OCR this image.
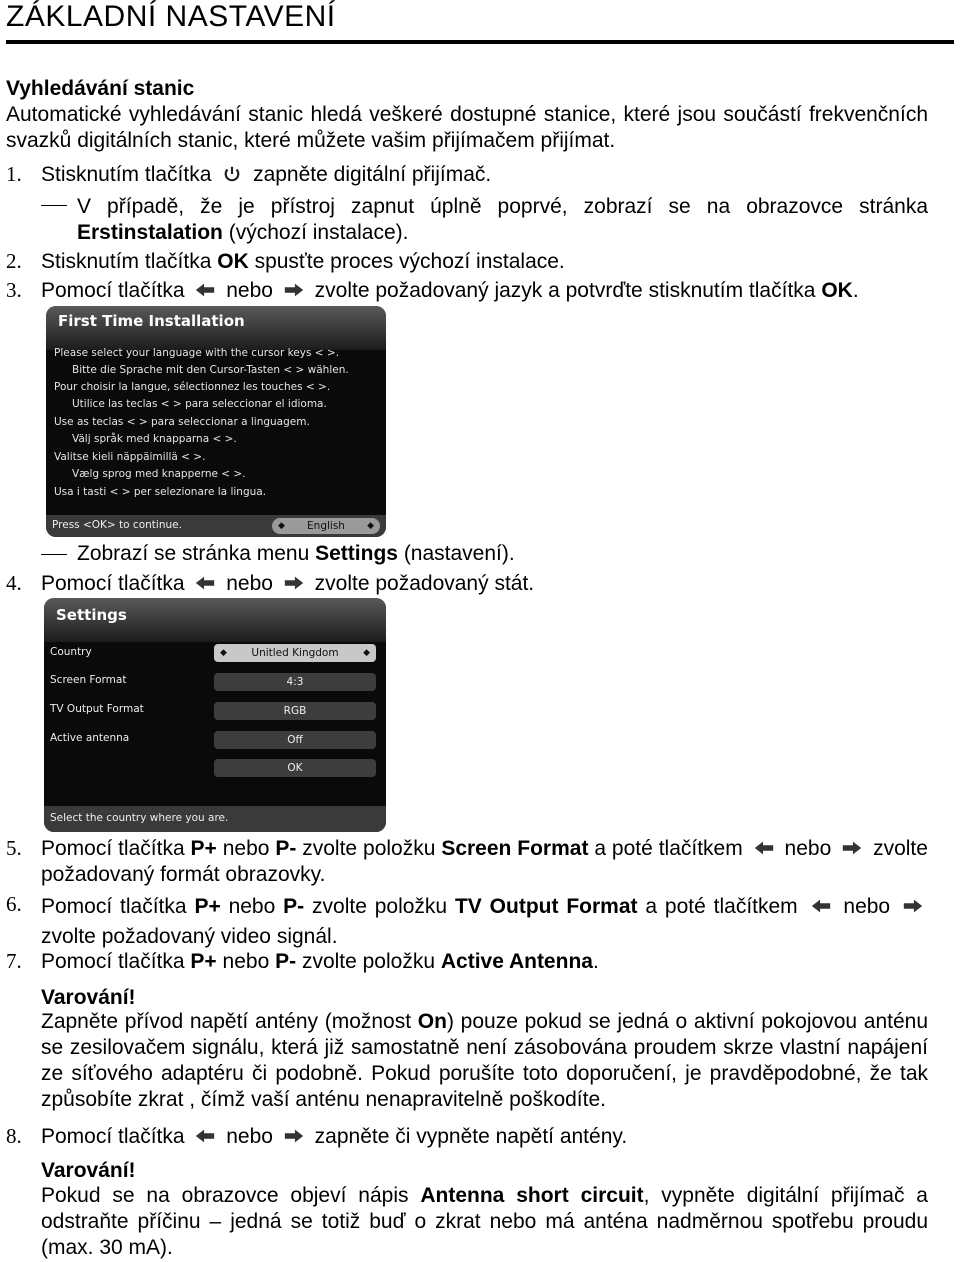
ZÁKLADNÍ NASTAVENÍ
Vyhledávání stanic
Automatické vyhledávání stanic hledá veškeré dostupné stanice, které jsou součástí frekvenčních svazků digitálních stanic, které můžete vašim přijímačem přijímat.
1. Stisknutím tlačítka zapněte digitální přijímač.
V případě, že je přístroj zapnut úplně poprvé, zobrazí se na obrazovce stránka Erstinstalation (výchozí instalace).
2. Stisknutím tlačítka OK spusťte proces výchozí instalace.
3. Pomocí tlačítka nebo zvolte požadovaný jazyk a potvrďte stisknutím tlačítka OK.
First Time Installation
Please select your language with the cursor keys < >.
Bitte die Sprache mit den Cursor-Tasten < > wählen.
Pour choisir la langue, sélectionnez les touches < >.
Utilice las teclas < > para seleccionar el idioma.
Use as teclas < > para seleccionar a linguagem.
Välj språk med knapparna < >.
Valitse kieli näppäimillä < >.
Vælg sprog med knapperne < >.
Usa i tasti < > per selezionare la lingua.
Press <OK> to continue.	◆ English ◆
Zobrazí se stránka menu Settings (nastavení).
4. Pomocí tlačítka nebo zvolte požadovaný stát.
Settings
Country	◆ Unitled Kingdom	◆
Screen Format	4:3
TV Output Format	RGB
Active antenna	Off
OK
Select the country where you are.
5. Pomocí tlačítka P+ nebo P- zvolte položku Screen Format a poté tlačítkem nebo zvolte požadovaný formát obrazovky.
6. Pomocí tlačítka P+ nebo P- zvolte položku TV Output Format a poté tlačítkem nebo  zvolte požadovaný video signál.
7. Pomocí tlačítka P+ nebo P- zvolte položku Active Antenna.
Varování!
Zapněte přívod napětí antény (možnost On) pouze pokud se jedná o aktivní pokojovou anténu se zesilovačem signálu, která již samostatně není zásobována proudem skrze vlastní napájení ze síťového adaptéru či podobně. Pokud porušíte toto doporučení, je pravděpodobné, že tak způsobíte zkrat , čímž vaší anténu nenapravitelně poškodíte.
8. Pomocí tlačítka nebo zapněte či vypněte napětí antény.
Varování!
Pokud se na obrazovce objeví nápis Antenna short circuit, vypněte digitální přijímač a odstraňte příčinu – jedná se totiž buď o zkrat nebo má anténa nadměrnou spotřebu proudu (max. 30 mA).
